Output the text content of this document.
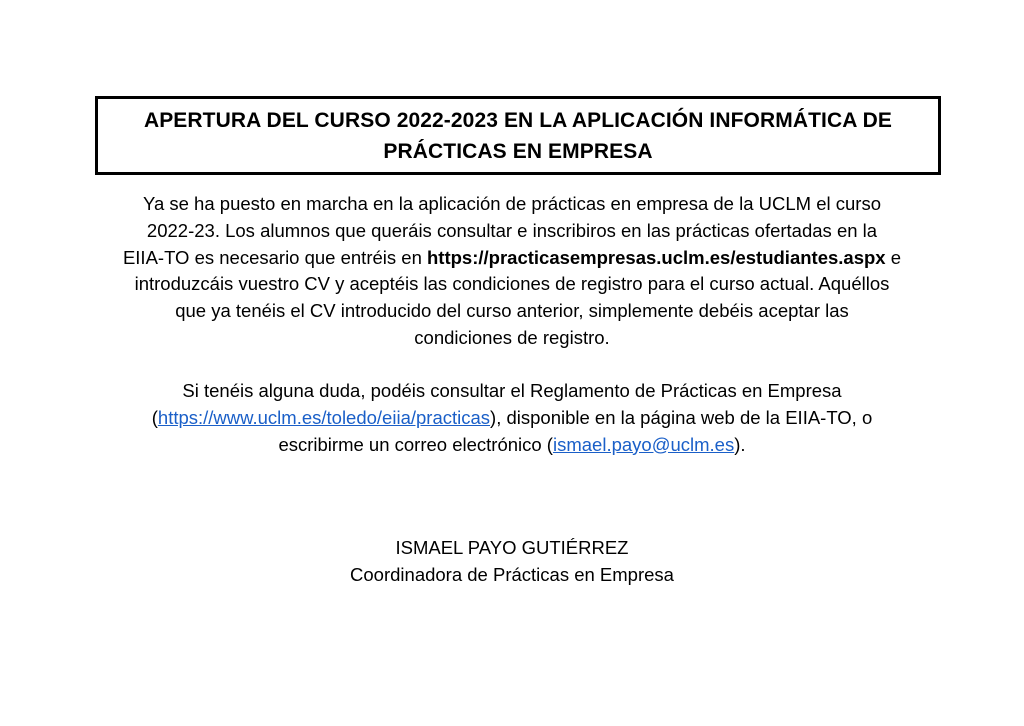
APERTURA DEL CURSO 2022-2023 EN LA APLICACIÓN INFORMÁTICA DE
PRÁCTICAS EN EMPRESA
Ya se ha puesto en marcha en la aplicación de prácticas en empresa de la UCLM el curso
2022-23. Los alumnos que queráis consultar e inscribiros en las prácticas ofertadas en la
EIIA-TO es necesario que entréis en https://practicasempresas.uclm.es/estudiantes.aspx e
introduzcáis vuestro CV y aceptéis las condiciones de registro para el curso actual. Aquéllos
que ya tenéis el CV introducido del curso anterior, simplemente debéis aceptar las
condiciones de registro.
Si tenéis alguna duda, podéis consultar el Reglamento de Prácticas en Empresa
(https://www.uclm.es/toledo/eiia/practicas), disponible en la página web de la EIIA-TO, o
escribirme un correo electrónico (ismael.payo@uclm.es).
ISMAEL PAYO GUTIÉRREZ
Coordinadora de Prácticas en Empresa
